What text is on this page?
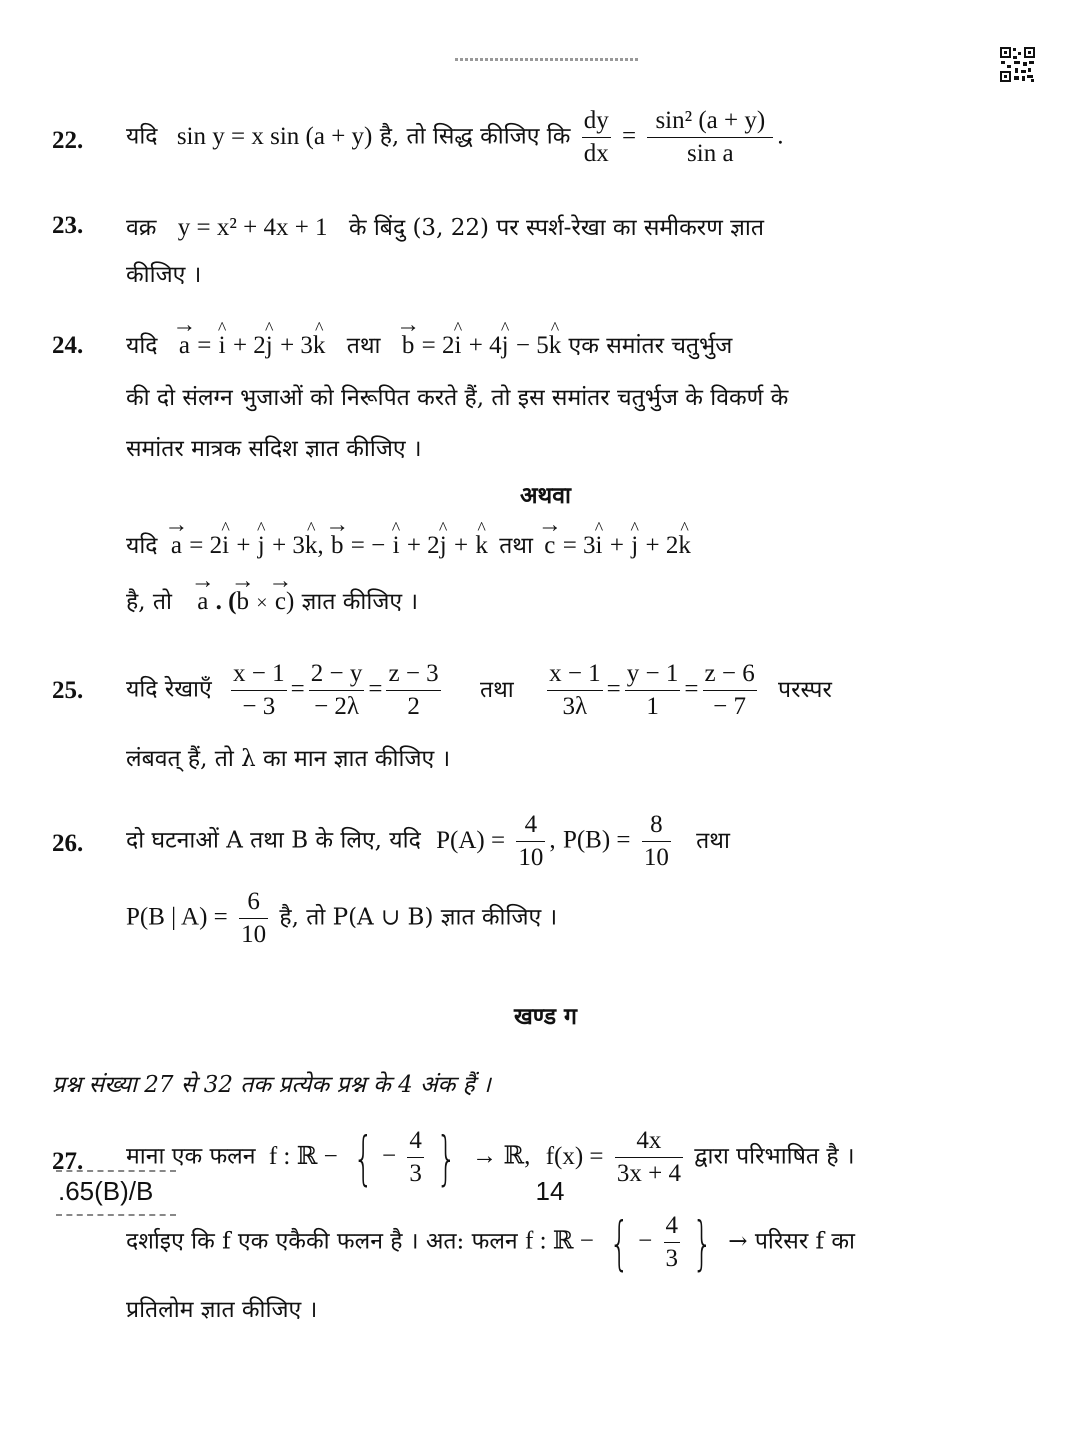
22. यदि sin y = x sin (a + y) है, तो सिद्ध कीजिए कि $\frac{dy}{dx} = \frac{\text{sin² (a + y)}}{\text{sin a}}$ .
23. वक्र y = x² + 4x + 1 के बिंदु (3, 22) पर स्पर्श-रेखा का समीकरण ज्ञात
कीजिए ।
24. यदि → a = ^ i + 2^ j + 3^ k तथा → b = 2^ i + 4^ j − 5^ k एक समांतर चतुर्भुज
की दो संलग्न भुजाओं को निरूपित करते हैं, तो इस समांतर चतुर्भुज के विकर्ण के
समांतर मात्रक सदिश ज्ञात कीजिए ।
अथवा
यदि → a = 2^ i + ^ j + 3^ k, → b = − ^ i + 2^ j + ^ k तथा → c = 3^ i + ^ j + 2^ k
है, तो → a . (→ b × → c) ज्ञात कीजिए ।
25. यदि रेखाएँ $\frac{x - 1}{- 3} = \frac{2 - y}{- 2\lambda} = \frac{z - 3}{2}$ तथा $\frac{x - 1}{3\lambda} = \frac{y - 1}{1} = \frac{z - 6}{- 7}$ परस्पर
लंबवत् हैं, तो λ का मान ज्ञात कीजिए ।
26. दो घटनाओं A तथा B के लिए, यदि $P(A) = \frac{4}{10}$ , $P(B) = \frac{8}{10}$ तथा
P(B | $A) = \frac{6}{10}$ है, तो P(A ∪ B) ज्ञात कीजिए ।
खण्ड ग
प्रश्न संख्या 27 से 32 तक प्रत्येक प्रश्न के 4 अंक हैं ।
27. माना एक फलन f : ℝ − { − $\frac{4}{3}$ } → ℝ, $f(x) = \frac{4x}{3x + 4}$ द्वारा परिभाषित है ।
दर्शाइए कि f एक एकैकी फलन है । अत: फलन f : ℝ − { − $\frac{4}{3}$ } → परिसर f का
प्रतिलोम ज्ञात कीजिए ।
.65(B)/B	14
